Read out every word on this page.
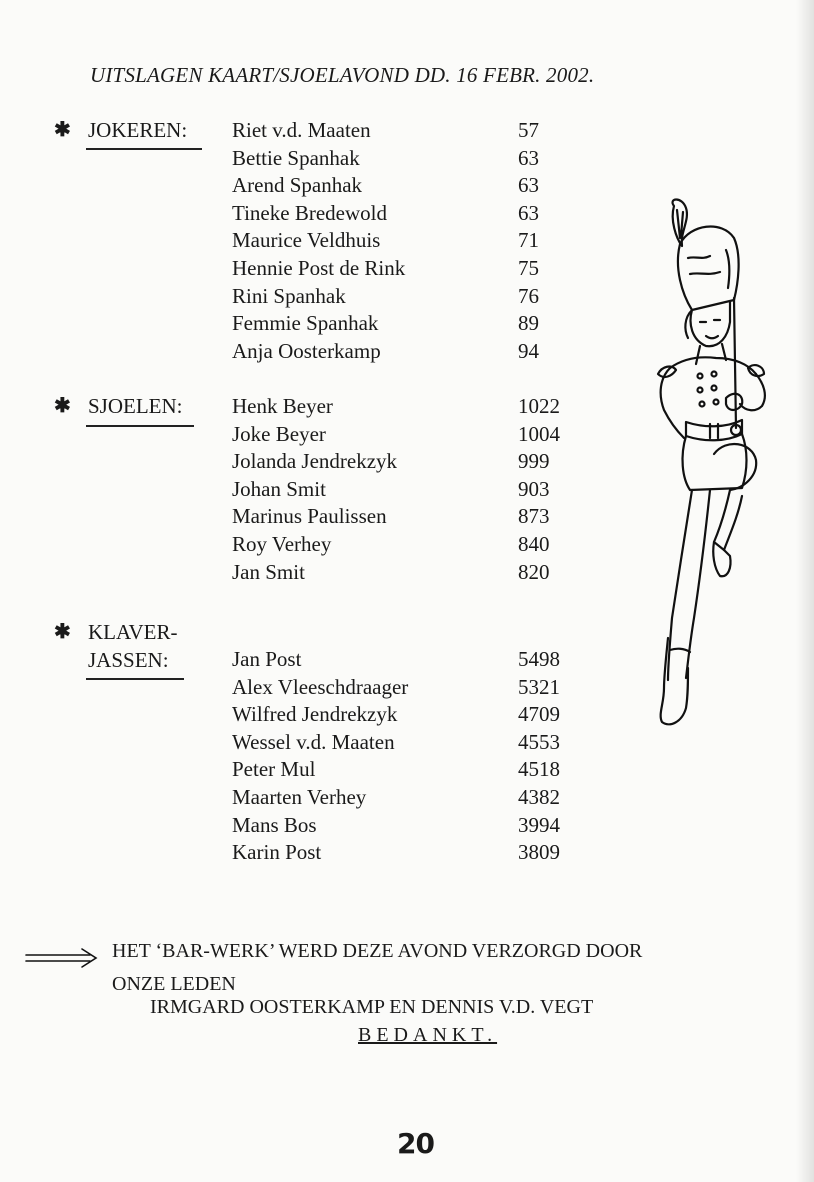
UITSLAGEN KAART/SJOELAVOND DD. 16 FEBR. 2002.
✱ JOKEREN: Riet v.d. Maaten	57
Bettie Spanhak	63
Arend Spanhak	63
Tineke Bredewold	63
Maurice Veldhuis	71
Hennie Post de Rink	75
Rini Spanhak	76
Femmie Spanhak	89
Anja Oosterkamp	94
✱ SJOELEN: Henk Beyer	1022
Joke Beyer	1004
Jolanda Jendrekzyk	999
Johan Smit	903
Marinus Paulissen	873
Roy Verhey	840
Jan Smit	820
✱ KLAVER-
JASSEN:	Jan Post	5498
Alex Vleeschdraager	5321
Wilfred Jendrekzyk	4709
Wessel v.d. Maaten	4553
Peter Mul	4518
Maarten Verhey	4382
Mans Bos	3994
Karin Post	3809
HET ‘BAR-WERK’ WERD DEZE AVOND VERZORGD DOOR
ONZE LEDEN
IRMGARD OOSTERKAMP EN DENNIS V.D. VEGT
BEDANKT.
20
